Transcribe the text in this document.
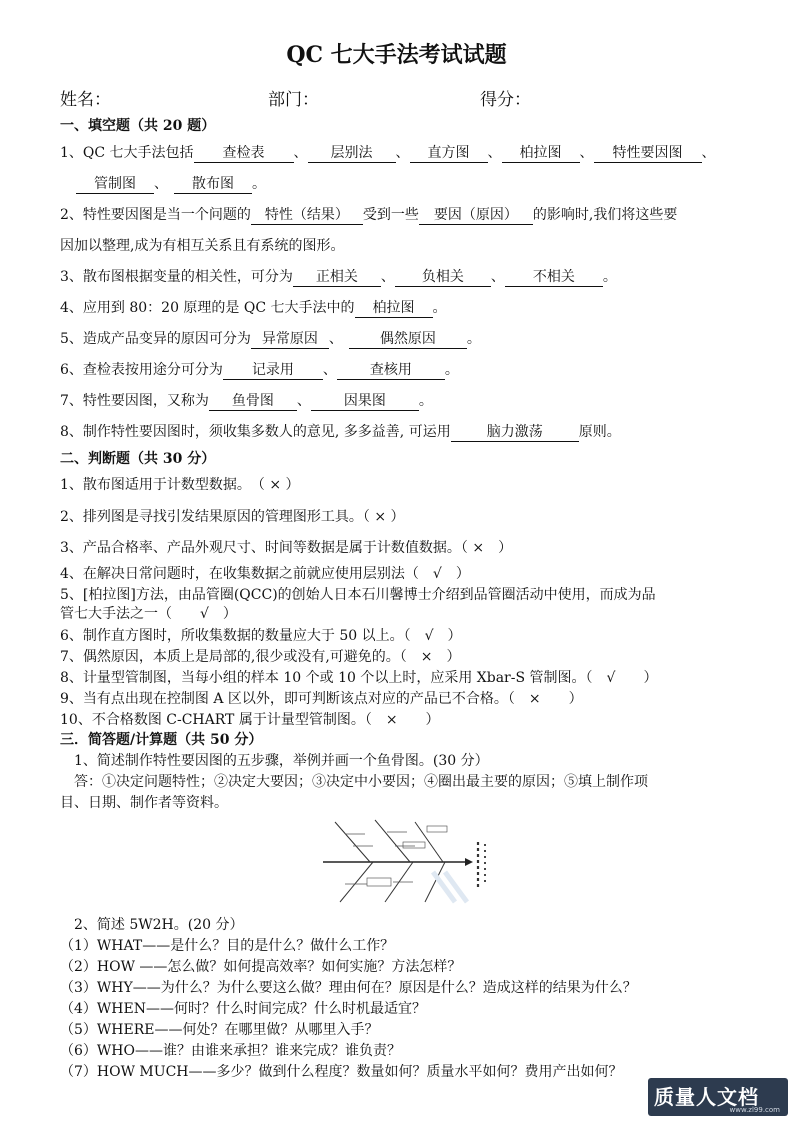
QC 七大手法考试试题
姓名：	部门：	得分：
一、填空题（共 20 题）
1、QC 七大手法包括 查检表 、 层别法 、 直方图 、 柏拉图 、 特性要因图 、
管制图 、 散布图 。
2、特性要因图是当一个问题的 特性（结果） 受到一些 要因（原因） 的影响时,我们将这些要
因加以整理,成为有相互关系且有系统的图形。
3、散布图根据变量的相关性，可分为 正相关 、 负相关 、 不相关 。
4、应用到 80：20 原理的是 QC 七大手法中的 柏拉图 。
5、造成产品变异的原因可分为 异常原因 、	偶然原因 。
6、查检表按用途分可分为 记录用 、 查核用 。
7、特性要因图，又称为 鱼骨图 、 因果图 。
8、制作特性要因图时，须收集多数人的意见, 多多益善, 可运用	脑力激荡	原则。
二、判断题（共 30 分）
1、散布图适用于计数型数据。　（ × ）
2、排列图是寻找引发结果原因的管理图形工具。（ × ）
3、产品合格率、产品外观尺寸、时间等数据是属于计数值数据。（ ×　）
4、在解决日常问题时，在收集数据之前就应使用层别法（　√　）
5、[柏拉图]方法，由品管圈(QCC)的创始人日本石川馨博士介绍到品管圈活动中使用，而成为品
管七大手法之一（　　√　）
6、制作直方图时，所收集数据的数量应大于 50 以上。（　√　）
7、偶然原因，本质上是局部的,很少或没有,可避免的。（　×　）
8、计量型管制图，当每小组的样本 10 个或 10 个以上时，应采用 Xbar-S 管制图。（　√　　）
9、当有点出现在控制图 A 区以外，即可判断该点对应的产品已不合格。（　×　　）
10、不合格数图 C-CHART 属于计量型管制图。（　×　　）
三．简答题/计算题（共 50 分）
1、简述制作特性要因图的五步骤，举例并画一个鱼骨图。(30 分）
答：①决定问题特性；②决定大要因；③决定中小要因；④圈出最主要的原因；⑤填上制作项
目、日期、制作者等资料。
2、简述 5W2H。(20 分）
（1）WHAT——是什么？目的是什么？做什么工作？
（2）HOW ——怎么做？如何提高效率？如何实施？方法怎样？
（3）WHY——为什么？为什么要这么做？理由何在？原因是什么？造成这样的结果为什么？
（4）WHEN——何时？什么时间完成？什么时机最适宜？
（5）WHERE——何处？在哪里做？从哪里入手？
（6）WHO——谁？由谁来承担？谁来完成？谁负责？
（7）HOW MUCH——多少？做到什么程度？数量如何？质量水平如何？费用产出如何？
质量人文档
www.zl99.com
